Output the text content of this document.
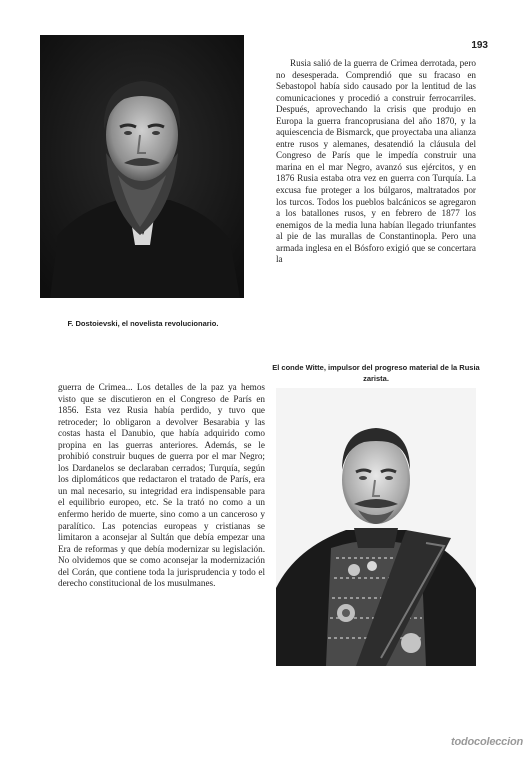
193
F. Dostoievski, el novelista revolucionario.
Rusia salió de la guerra de Crimea derrotada, pero no desesperada. Comprendió que su fracaso en Sebastopol había sido causado por la lentitud de las comunicaciones y procedió a construir ferrocarriles. Después, aprovechando la crisis que produjo en Europa la guerra francoprusiana del año 1870, y la aquiescencia de Bismarck, que proyectaba una alianza entre rusos y alemanes, desatendió la cláusula del Congreso de París que le impedía construir una marina en el mar Negro, avanzó sus ejércitos, y en 1876 Rusia estaba otra vez en guerra con Turquía. La excusa fue proteger a los búlgaros, maltratados por los turcos. Todos los pueblos balcánicos se agregaron a los batallones rusos, y en febrero de 1877 los enemigos de la media luna habían llegado triunfantes al pie de las murallas de Constantinopla. Pero una armada inglesa en el Bósforo exigió que se concertara la
El conde Witte, impulsor del progreso material de la Rusia zarista.
guerra de Crimea... Los detalles de la paz ya hemos visto que se discutieron en el Congreso de París en 1856. Esta vez Rusia había perdido, y tuvo que retroceder; lo obligaron a devolver Besarabia y las costas hasta el Danubio, que había adquirido como propina en las guerras anteriores. Además, se le prohibió construir buques de guerra por el mar Negro; los Dardanelos se declaraban cerrados; Turquía, según los diplomáticos que redactaron el tratado de París, era un mal necesario, su integridad era indispensable para el equilibrio europeo, etc. Se la trató no como a un enfermo herido de muerte, sino como a un canceroso y paralítico. Las potencias europeas y cristianas se limitaron a aconsejar al Sultán que debía empezar una Era de reformas y que debía modernizar su legislación. No olvidemos que se como aconsejar la modernización del Corán, que contiene toda la jurisprudencia y todo el derecho constitucional de los musulmanes.
todocoleccion
